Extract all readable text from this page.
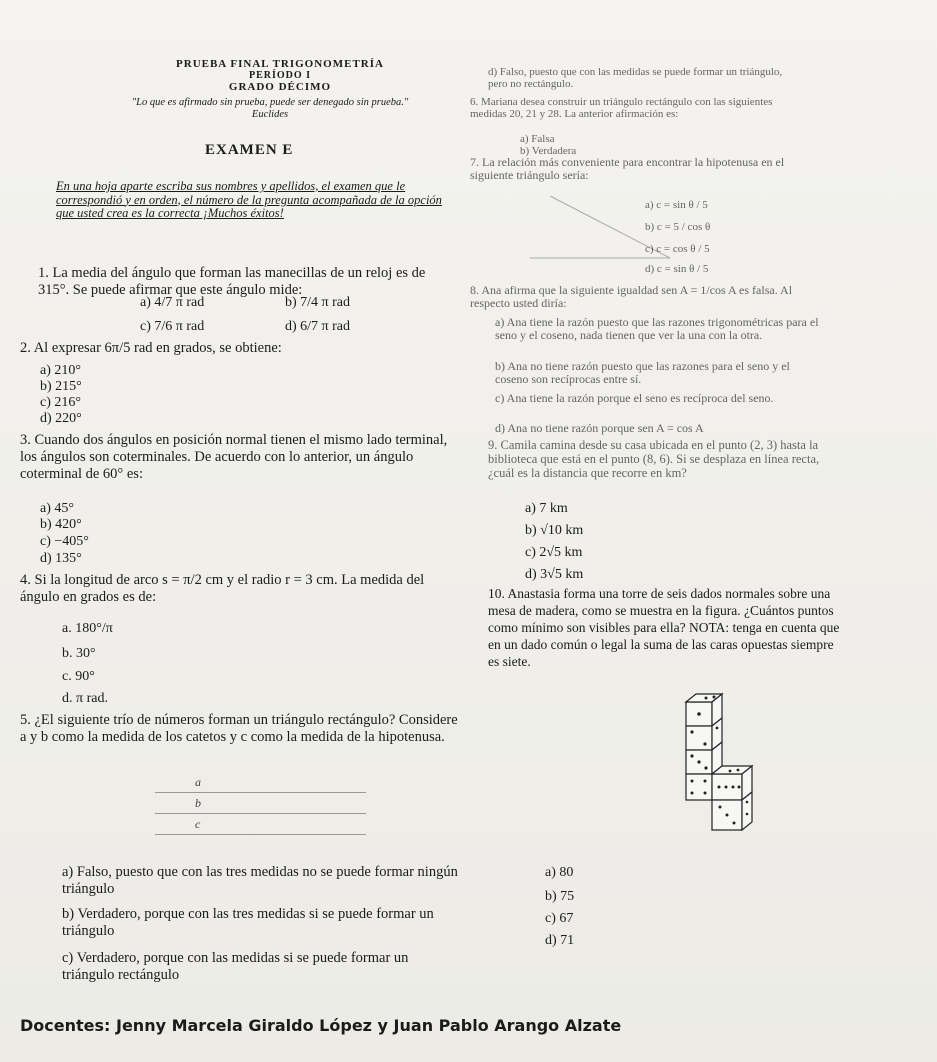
PRUEBA FINAL TRIGONOMETRÍA
PERÍODO I
GRADO DÉCIMO
"Lo que es afirmado sin prueba, puede ser denegado sin prueba." Euclides
EXAMEN E
En una hoja aparte escriba sus nombres y apellidos, el examen que le correspondió y en orden, el número de la pregunta acompañada de la opción que usted crea es la correcta ¡Muchos éxitos!
1. La media del ángulo que forman las manecillas de un reloj es de 315°. Se puede afirmar que este ángulo mide:
a) 4/7 π rad	b) 7/4 π rad
c) 7/6 π rad	d) 6/7 π rad
2. Al expresar 6π/5 rad en grados, se obtiene:
a) 210°
b) 215°
c) 216°
d) 220°
3. Cuando dos ángulos en posición normal tienen el mismo lado terminal, los ángulos son coterminales. De acuerdo con lo anterior, un ángulo coterminal de 60° es:
a) 45°
b) 420°
c) −405°
d) 135°
4. Si la longitud de arco s = π/2 cm y el radio r = 3 cm. La medida del ángulo en grados es de:
a. 180°/π
b. 30°
c. 90°
d. π rad.
5. ¿El siguiente trío de números forman un triángulo rectángulo? Considere a y b como la medida de los catetos y c como la medida de la hipotenusa.
a
b
c
a) Falso, puesto que con las tres medidas no se puede formar ningún triángulo
b) Verdadero, porque con las tres medidas si se puede formar un triángulo
c) Verdadero, porque con las medidas si se puede formar un triángulo rectángulo
d) Falso, puesto que con las medidas se puede formar un triángulo, pero no rectángulo.
6. Mariana desea construir un triángulo rectángulo con las siguientes medidas 20, 21 y 28. La anterior afirmación es:
a) Falsa
b) Verdadera
7. La relación más conveniente para encontrar la hipotenusa en el siguiente triángulo sería:
a) c = sin θ / 5
b) c = 5 / cos θ
c) c = cos θ / 5
d) c = sin θ / 5
8. Ana afirma que la siguiente igualdad sen A = 1/cos A es falsa. Al respecto usted diría:
a) Ana tiene la razón puesto que las razones trigonométricas para el seno y el coseno, nada tienen que ver la una con la otra.
b) Ana no tiene razón puesto que las razones para el seno y el coseno son recíprocas entre sí.
c) Ana tiene la razón porque el seno es recíproca del seno.
d) Ana no tiene razón porque sen A = cos A
9. Camila camina desde su casa ubicada en el punto (2, 3) hasta la biblioteca que está en el punto (8, 6). Si se desplaza en línea recta, ¿cuál es la distancia que recorre en km?
a) 7 km
b) √10 km
c) 2√5 km
d) 3√5 km
10. Anastasia forma una torre de seis dados normales sobre una mesa de madera, como se muestra en la figura. ¿Cuántos puntos como mínimo son visibles para ella? NOTA: tenga en cuenta que en un dado común o legal la suma de las caras opuestas siempre es siete.
a) 80
b) 75
c) 67
d) 71
Docentes: Jenny Marcela Giraldo López y Juan Pablo Arango Alzate
